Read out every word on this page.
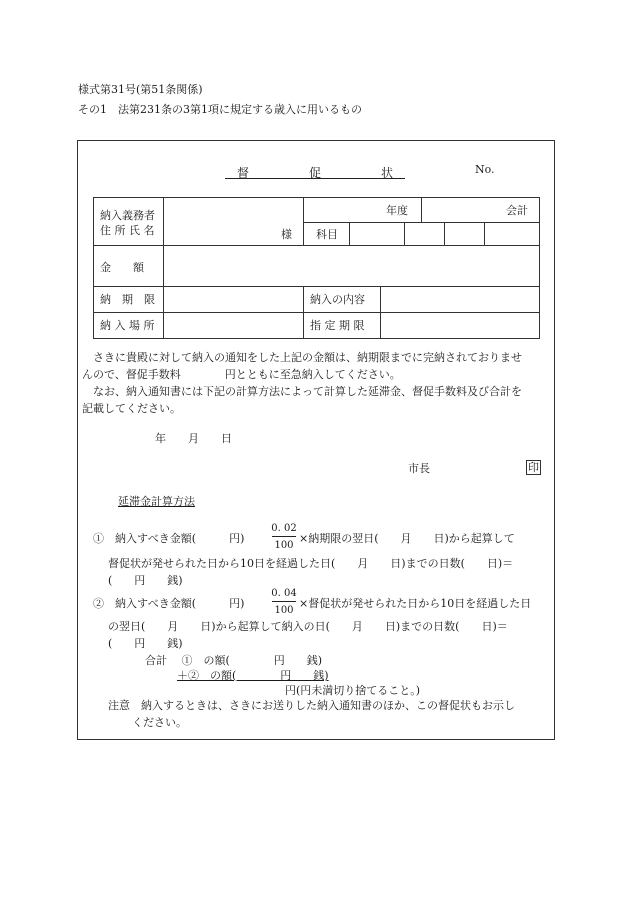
様式第31号(第51条関係)
その1　法第231条の3第1項に規定する歳入に用いるもの
督	促	状	No.
納入義務者
住 所 氏 名	様
年度	会計
科目
金　　額
納　期　限	納入の内容
納 入 場 所	指 定 期 限
さきに貴殿に対して納入の通知をした上記の金額は、納期限までに完納されておりませ
んので、督促手数料　　　　円とともに至急納入してください。
なお、納入通知書には下記の計算方法によって計算した延滞金、督促手数料及び合計を
記載してください。
年　　月　　日
市長	印
延滞金計算方法
①　納入すべき金額(　　　円)
0. 02
100
×納期限の翌日(　　月　　日)から起算して
督促状が発せられた日から10日を経過した日(　　月　　日)までの日数(　　日)＝
(　　円　　銭)
②　納入すべき金額(　　　円)
0. 04
100
×督促状が発せられた日から10日を経過した日
の翌日(　　月　　日)から起算して納入の日(　　月　　日)までの日数(　　日)＝
(　　円　　銭)
合計　 ①　の額(　　　　円　　銭)
＋②　の額(　　　　円　　銭)
円(円未満切り捨てること。)
注意　納入するときは、さきにお送りした納入通知書のほか、この督促状もお示し
ください。
